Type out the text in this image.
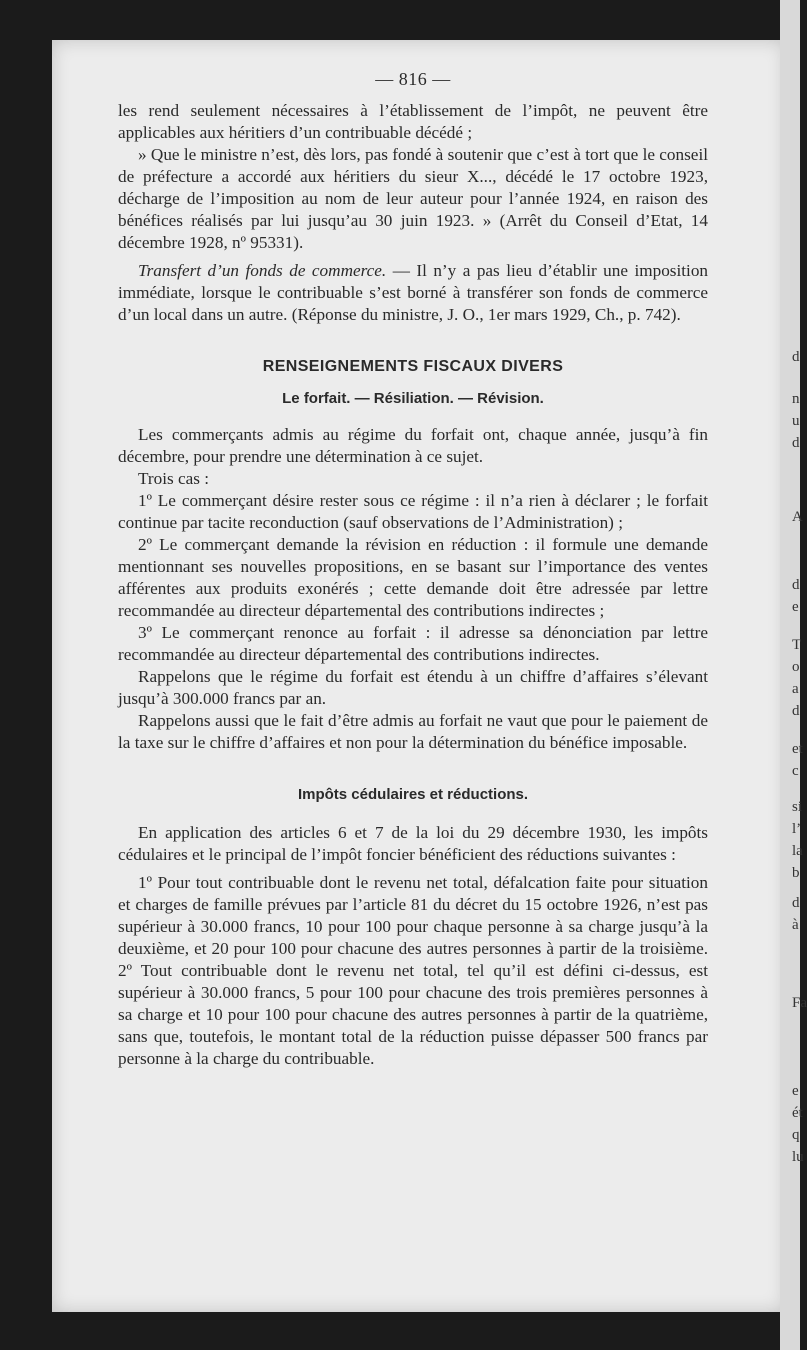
d
n
u
d
A
d
e
T
o
a
d
et
c
si
l’
la
b
d
à
Fa
e
ét
q
lu
— 816 —

les rend seulement nécessaires à l’établissement de l’impôt, ne peuvent être applicables aux héritiers d’un contribuable décédé ;

» Que le ministre n’est, dès lors, pas fondé à soutenir que c’est à tort que le conseil de préfecture a accordé aux héritiers du sieur X..., décédé le 17 octobre 1923, décharge de l’imposition au nom de leur auteur pour l’année 1924, en raison des bénéfices réalisés par lui jusqu’au 30 juin 1923. » (Arrêt du Conseil d’Etat, 14 décembre 1928, nº 95331).

Transfert d’un fonds de commerce. — Il n’y a pas lieu d’établir une imposition immédiate, lorsque le contribuable s’est borné à transférer son fonds de commerce d’un local dans un autre. (Réponse du ministre, J. O., 1er mars 1929, Ch., p. 742).

RENSEIGNEMENTS FISCAUX DIVERS
Le forfait. — Résiliation. — Révision.

Les commerçants admis au régime du forfait ont, chaque année, jusqu’à fin décembre, pour prendre une détermination à ce sujet.

Trois cas :

1º Le commerçant désire rester sous ce régime : il n’a rien à déclarer ; le forfait continue par tacite reconduction (sauf observations de l’Administration) ;

2º Le commerçant demande la révision en réduction : il formule une demande mentionnant ses nouvelles propositions, en se basant sur l’importance des ventes afférentes aux produits exonérés ; cette demande doit être adressée par lettre recommandée au directeur départemental des contributions indirectes ;

3º Le commerçant renonce au forfait : il adresse sa dénonciation par lettre recommandée au directeur départemental des contributions indirectes.

Rappelons que le régime du forfait est étendu à un chiffre d’affaires s’élevant jusqu’à 300.000 francs par an.

Rappelons aussi que le fait d’être admis au forfait ne vaut que pour le paiement de la taxe sur le chiffre d’affaires et non pour la détermination du bénéfice imposable.

Impôts cédulaires et réductions.

En application des articles 6 et 7 de la loi du 29 décembre 1930, les impôts cédulaires et le principal de l’impôt foncier bénéficient des réductions suivantes :

1º Pour tout contribuable dont le revenu net total, défalcation faite pour situation et charges de famille prévues par l’article 81 du décret du 15 octobre 1926, n’est pas supérieur à 30.000 francs, 10 pour 100 pour chaque personne à sa charge jusqu’à la deuxième, et 20 pour 100 pour chacune des autres personnes à partir de la troisième. 2º Tout contribuable dont le revenu net total, tel qu’il est défini ci-dessus, est supérieur à 30.000 francs, 5 pour 100 pour chacune des trois premières personnes à sa charge et 10 pour 100 pour chacune des autres personnes à partir de la quatrième, sans que, toutefois, le montant total de la réduction puisse dépasser 500 francs par personne à la charge du contribuable.
